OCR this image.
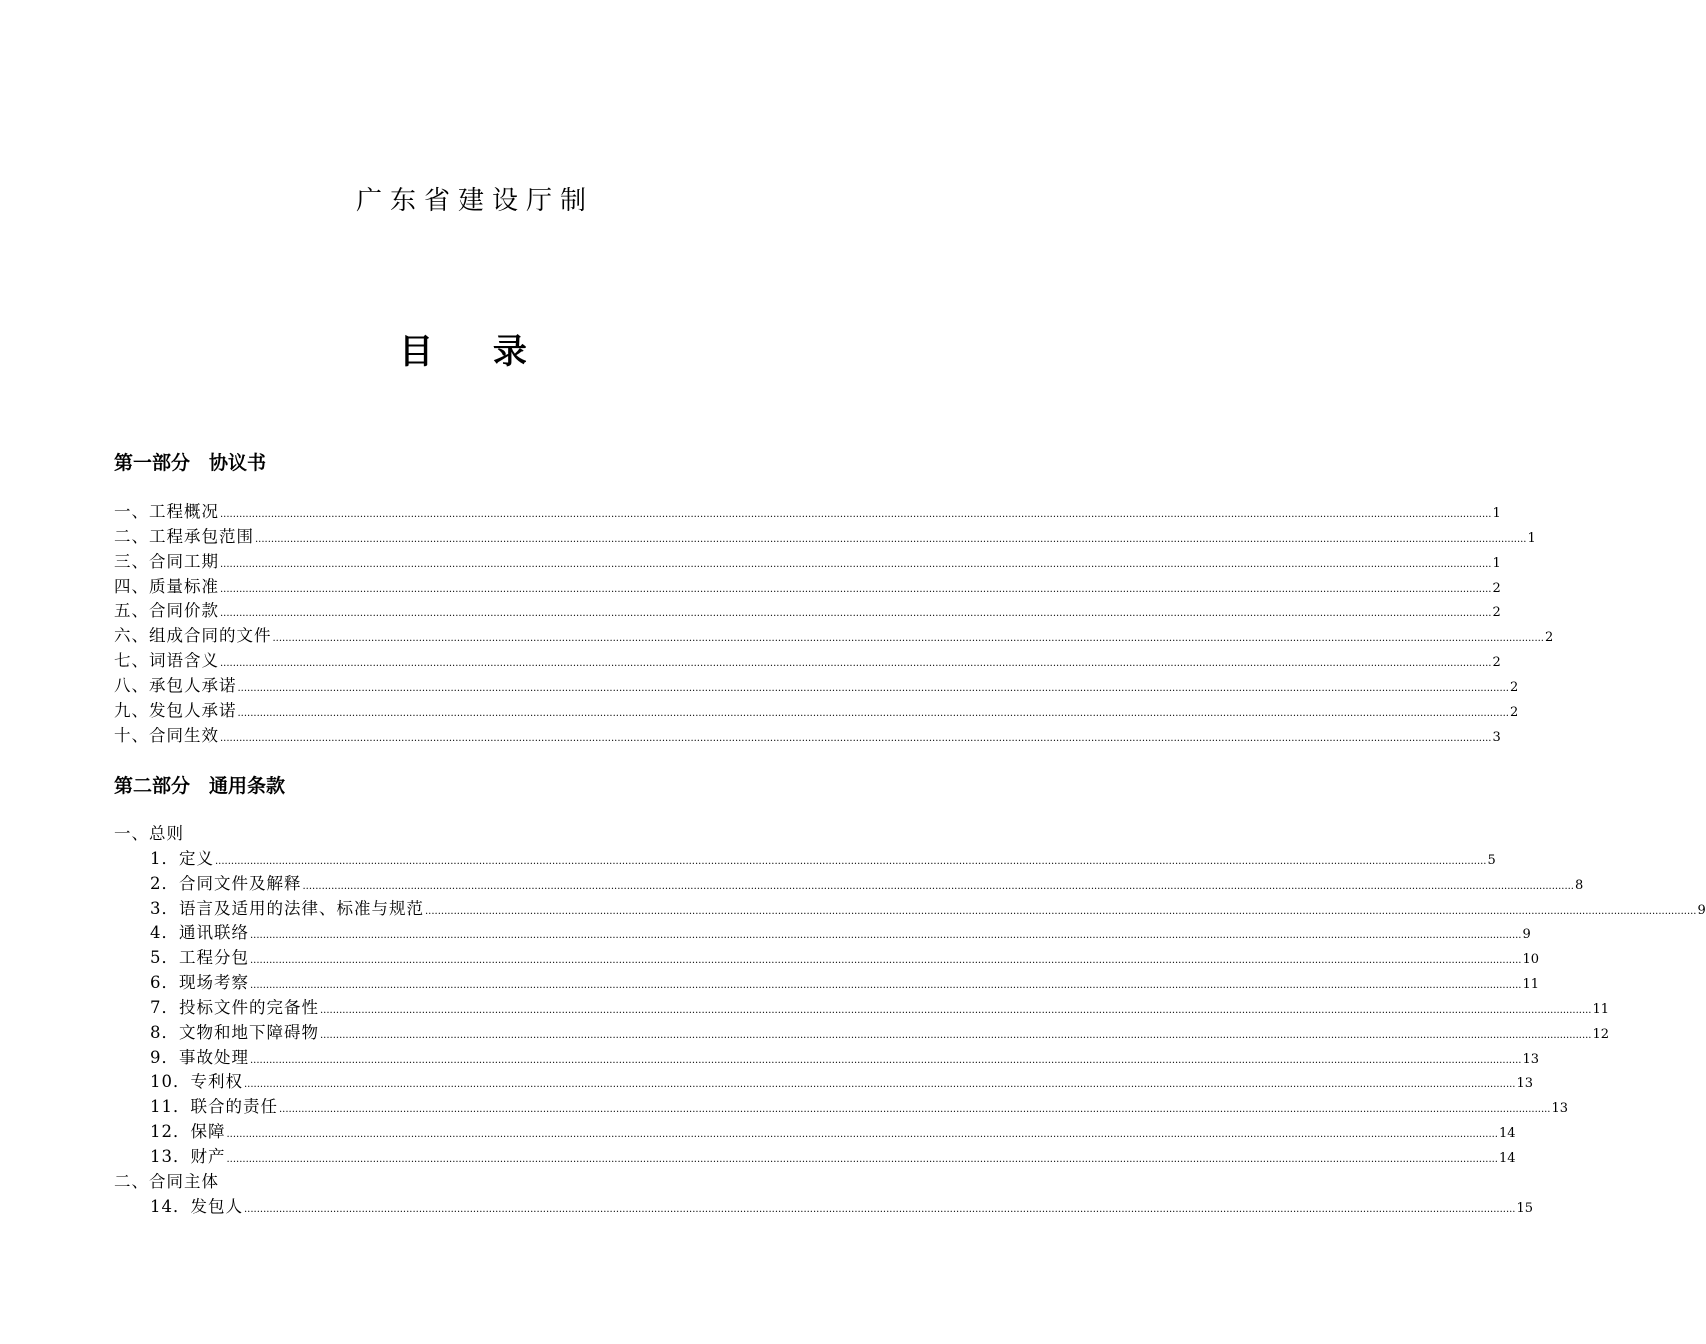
广东省建设厅制
目 录
第一部分　协议书
一、工程概况 ................................................................................................................................................................................................................................................................................................................................................................................................................ 1
二、工程承包范围 ................................................................................................................................................................................................................................................................................................................................................................................................................ 1
三、合同工期 ................................................................................................................................................................................................................................................................................................................................................................................................................ 1
四、质量标准 ................................................................................................................................................................................................................................................................................................................................................................................................................ 2
五、合同价款 ................................................................................................................................................................................................................................................................................................................................................................................................................ 2
六、组成合同的文件 ................................................................................................................................................................................................................................................................................................................................................................................................................ 2
七、词语含义 ................................................................................................................................................................................................................................................................................................................................................................................................................ 2
八、承包人承诺 ................................................................................................................................................................................................................................................................................................................................................................................................................ 2
九、发包人承诺 ................................................................................................................................................................................................................................................................................................................................................................................................................ 2
十、合同生效 ................................................................................................................................................................................................................................................................................................................................................................................................................ 3
第二部分　通用条款
一、总则
1．定义 ................................................................................................................................................................................................................................................................................................................................................................................................................ 5
2．合同文件及解释 ................................................................................................................................................................................................................................................................................................................................................................................................................ 8
3．语言及适用的法律、标准与规范 ................................................................................................................................................................................................................................................................................................................................................................................................................ 9
4．通讯联络 ................................................................................................................................................................................................................................................................................................................................................................................................................ 9
5．工程分包 ................................................................................................................................................................................................................................................................................................................................................................................................................ 10
6．现场考察 ................................................................................................................................................................................................................................................................................................................................................................................................................ 11
7．投标文件的完备性 ................................................................................................................................................................................................................................................................................................................................................................................................................ 11
8．文物和地下障碍物 ................................................................................................................................................................................................................................................................................................................................................................................................................ 12
9．事故处理 ................................................................................................................................................................................................................................................................................................................................................................................................................ 13
10．专利权 ................................................................................................................................................................................................................................................................................................................................................................................................................ 13
11．联合的责任 ................................................................................................................................................................................................................................................................................................................................................................................................................ 13
12．保障 ................................................................................................................................................................................................................................................................................................................................................................................................................ 14
13．财产 ................................................................................................................................................................................................................................................................................................................................................................................................................ 14
二、合同主体
14．发包人 ................................................................................................................................................................................................................................................................................................................................................................................................................ 15
